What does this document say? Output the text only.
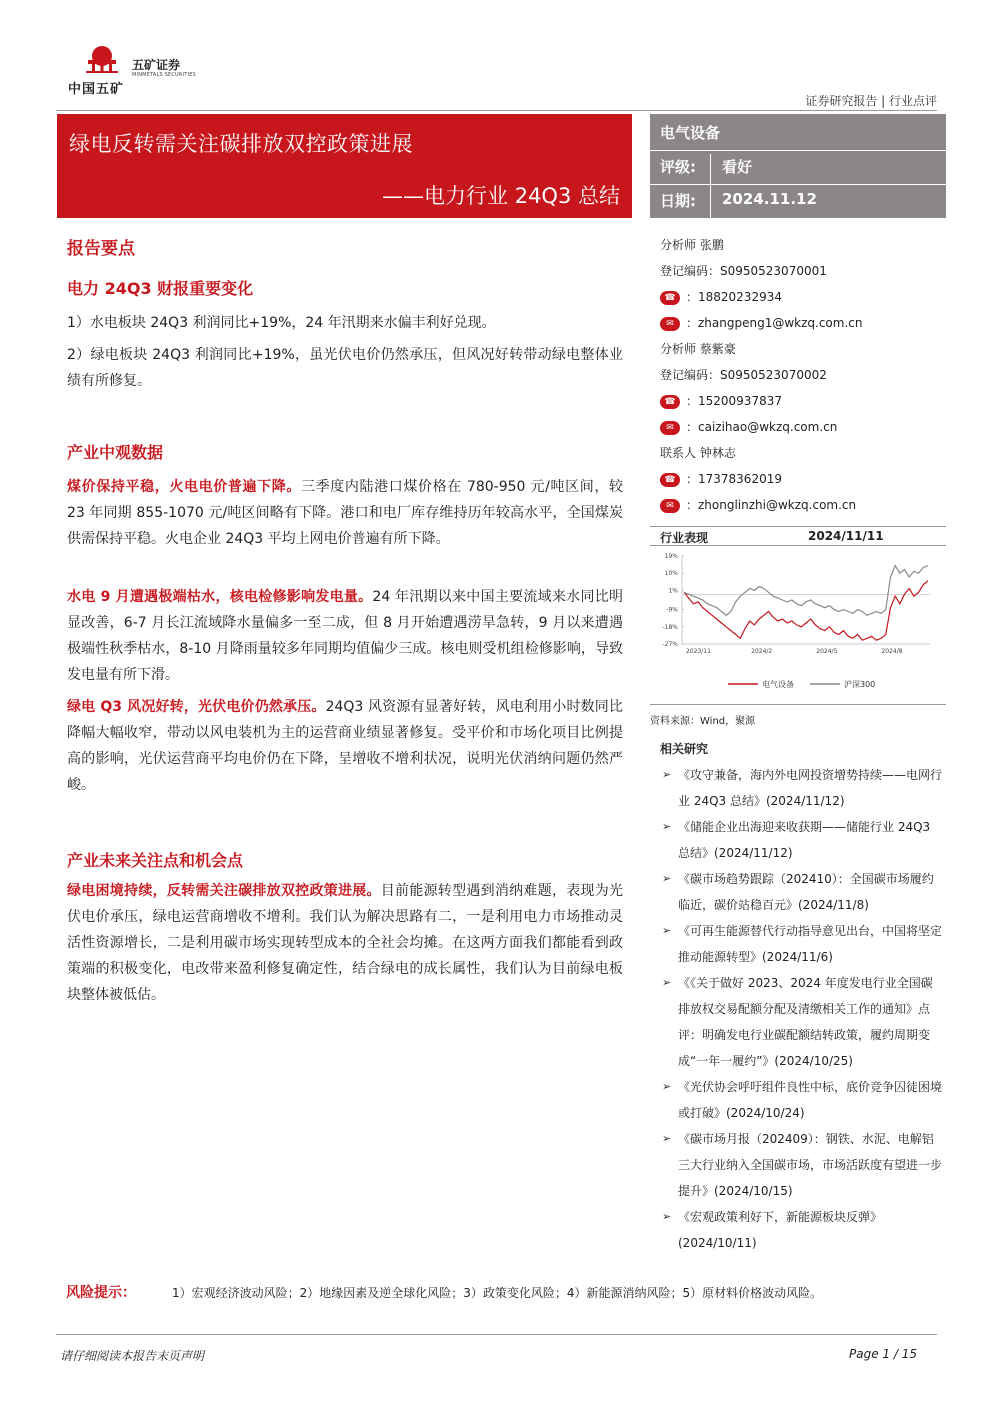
中国五矿
五矿证券
MINMETALS SECURITIES
证券研究报告 | 行业点评
绿电反转需关注碳排放双控政策进展
——电力行业 24Q3 总结
电气设备
评级: 看好
日期: 2024.11.12
报告要点
电力 24Q3 财报重要变化
1）水电板块 24Q3 利润同比+19%，24 年汛期来水偏丰利好兑现。
2）绿电板块 24Q3 利润同比+19%，虽光伏电价仍然承压，但风况好转带动绿电整体业绩有所修复。
产业中观数据
煤价保持平稳，火电电价普遍下降。三季度内陆港口煤价格在 780-950 元/吨区间，较 23 年同期 855-1070 元/吨区间略有下降。港口和电厂库存维持历年较高水平，全国煤炭供需保持平稳。火电企业 24Q3 平均上网电价普遍有所下降。
水电 9 月遭遇极端枯水，核电检修影响发电量。24 年汛期以来中国主要流域来水同比明显改善，6-7 月长江流域降水量偏多一至二成，但 8 月开始遭遇涝旱急转，9 月以来遭遇极端性秋季枯水，8-10 月降雨量较多年同期均值偏少三成。核电则受机组检修影响，导致发电量有所下滑。
绿电 Q3 风况好转，光伏电价仍然承压。24Q3 风资源有显著好转，风电利用小时数同比降幅大幅收窄，带动以风电装机为主的运营商业绩显著修复。受平价和市场化项目比例提高的影响，光伏运营商平均电价仍在下降，呈增收不增利状况，说明光伏消纳问题仍然严峻。
产业未来关注点和机会点
绿电困境持续，反转需关注碳排放双控政策进展。目前能源转型遇到消纳难题，表现为光伏电价承压，绿电运营商增收不增利。我们认为解决思路有二，一是利用电力市场推动灵活性资源增长，二是利用碳市场实现转型成本的全社会均摊。在这两方面我们都能看到政策端的积极变化，电改带来盈利修复确定性，结合绿电的成长属性，我们认为目前绿电板块整体被低估。
分析师 张鹏
登记编码：S0950523070001
☎ ：18820232934
✉ ：zhangpeng1@wkzq.com.cn
分析师 蔡紫豪
登记编码：S0950523070002
☎ ：15200937837
✉ ：caizihao@wkzq.com.cn
联系人 钟林志
☎ ：17378362019
✉ ：zhonglinzhi@wkzq.com.cn
行业表现	2024/11/11
19%
10%
1%
-9%
-18%
-27%
2023/11	2024/2	2024/5	2024/8
电气设备	沪深300
资料来源：Wind，聚源
相关研究
➢ 《攻守兼备，海内外电网投资增势持续——电网行业 24Q3 总结》(2024/11/12)
➢ 《储能企业出海迎来收获期——储能行业 24Q3 总结》(2024/11/12)
➢ 《碳市场趋势跟踪（202410）：全国碳市场履约临近，碳价站稳百元》(2024/11/8)
➢ 《可再生能源替代行动指导意见出台，中国将坚定推动能源转型》(2024/11/6)
➢ 《《关于做好 2023、2024 年度发电行业全国碳排放权交易配额分配及清缴相关工作的通知》点评：明确发电行业碳配额结转政策，履约周期变成“一年一履约”》(2024/10/25)
➢ 《光伏协会呼吁组件良性中标，底价竞争囚徒困境或打破》(2024/10/24)
➢ 《碳市场月报（202409）：钢铁、水泥、电解铝三大行业纳入全国碳市场，市场活跃度有望进一步提升》(2024/10/15)
➢ 《宏观政策利好下，新能源板块反弹》(2024/10/11)
风险提示：	1）宏观经济波动风险；2）地缘因素及逆全球化风险；3）政策变化风险；4）新能源消纳风险；5）原材料价格波动风险。
请仔细阅读本报告末页声明	Page 1 / 15
